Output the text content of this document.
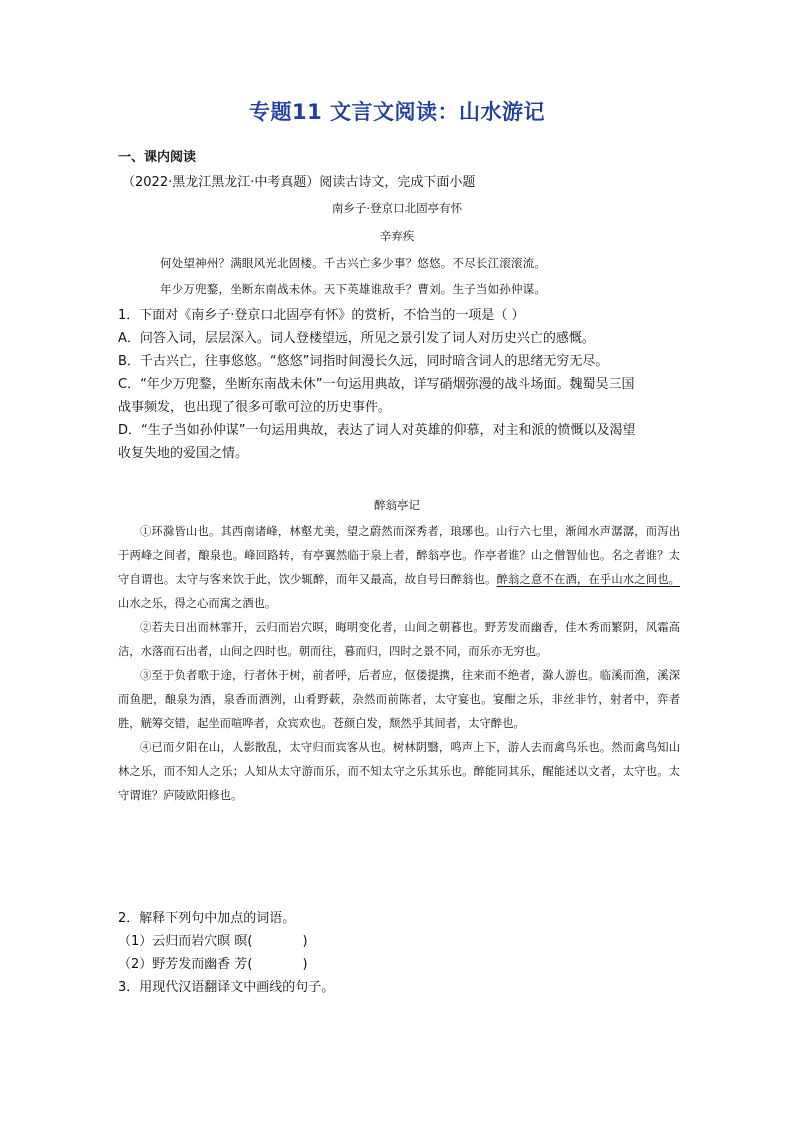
专题11 文言文阅读：山水游记
一、课内阅读
（2022·黑龙江黑龙江·中考真题）阅读古诗文，完成下面小题
南乡子·登京口北固亭有怀
辛弃疾
何处望神州？满眼风光北固楼。千古兴亡多少事？悠悠。不尽长江滚滚流。
年少万兜鍪，坐断东南战未休。天下英雄谁敌手？曹刘。生子当如孙仲谋。
1．下面对《南乡子·登京口北固亭有怀》的赏析，不恰当的一项是（ ）
A．问答入词，层层深入。词人登楼望远，所见之景引发了词人对历史兴亡的感慨。
B．千古兴亡，往事悠悠。“悠悠”词指时间漫长久远，同时暗含词人的思绪无穷无尽。
C．“年少万兜鍪，坐断东南战未休”一句运用典故，详写硝烟弥漫的战斗场面。魏蜀吴三国
战事频发，也出现了很多可歌可泣的历史事件。
D．“生子当如孙仲谋”一句运用典故，表达了词人对英雄的仰慕，对主和派的愤慨以及渴望
收复失地的爱国之情。
醉翁亭记

①环滁皆山也。其西南诸峰，林壑尤美，望之蔚然而深秀者，琅琊也。山行六七里，渐闻水声潺潺，而泻出于两峰之间者，酿泉也。峰回路转，有亭翼然临于泉上者，醉翁亭也。作亭者谁？山之僧智仙也。名之者谁？太守自谓也。太守与客来饮于此，饮少辄醉，而年又最高，故自号曰醉翁也。醉翁之意不在酒，在乎山水之间也。山水之乐，得之心而寓之酒也。

②若夫日出而林霏开，云归而岩穴暝，晦明变化者，山间之朝暮也。野芳发而幽香，佳木秀而繁阴，风霜高洁，水落而石出者，山间之四时也。朝而往，暮而归，四时之景不同，而乐亦无穷也。

③至于负者歌于途，行者休于树，前者呼，后者应，伛偻提携，往来而不绝者，滁人游也。临溪而渔，溪深而鱼肥，酿泉为酒，泉香而酒洌，山肴野蔌，杂然而前陈者，太守宴也。宴酣之乐，非丝非竹，射者中，弈者胜，觥筹交错，起坐而喧哗者，众宾欢也。苍颜白发，颓然乎其间者，太守醉也。

④已而夕阳在山，人影散乱，太守归而宾客从也。树林阴翳，鸣声上下，游人去而禽鸟乐也。然而禽鸟知山林之乐，而不知人之乐；人知从太守游而乐，而不知太守之乐其乐也。醉能同其乐，醒能述以文者，太守也。太守谓谁？庐陵欧阳修也。

2．解释下列句中加点的词语。
（1）云归而岩穴暝 暝(	)
（2）野芳发而幽香 芳(	)
3．用现代汉语翻译文中画线的句子。
